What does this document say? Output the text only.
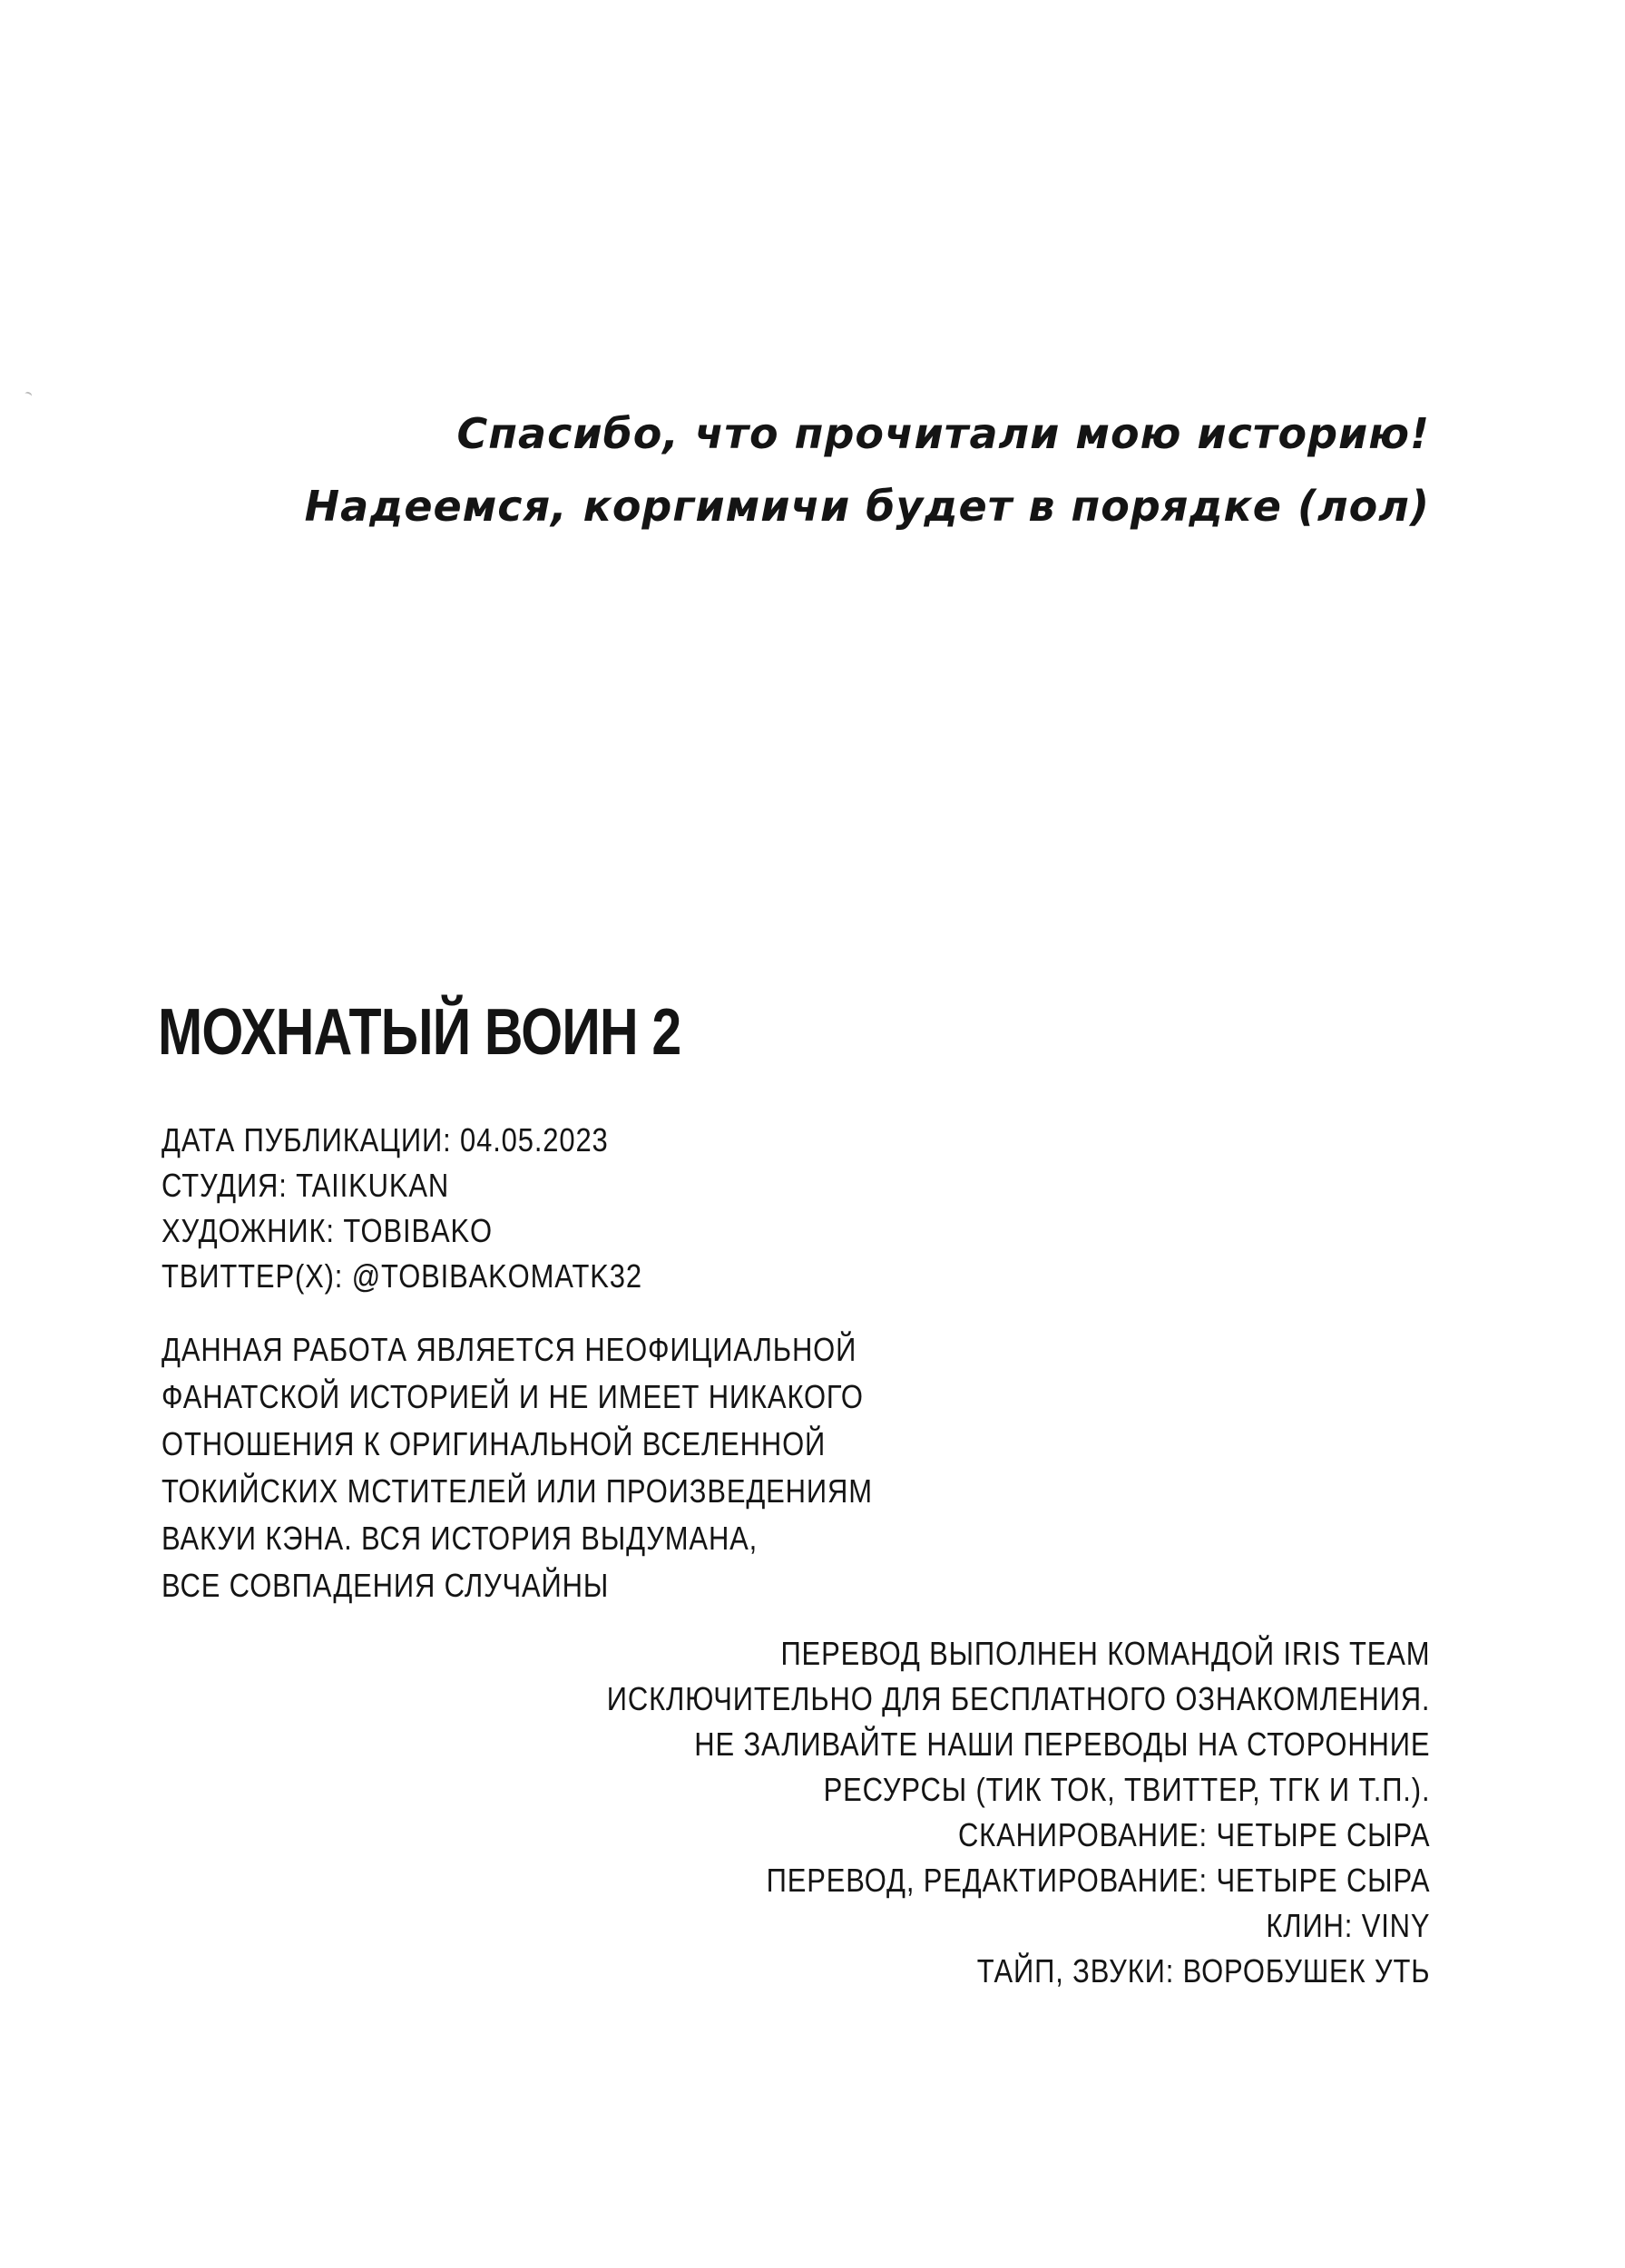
Спасибо, что прочитали мою историю!
Надеемся, коргимичи будет в порядке (лол)
МОХНАТЫЙ ВОИН 2
ДАТА ПУБЛИКАЦИИ: 04.05.2023
СТУДИЯ: TAIIKUKAN
ХУДОЖНИК: TOBIBAKO
ТВИТТЕР(X): @TOBIBAKOMATK32
ДАННАЯ РАБОТА ЯВЛЯЕТСЯ НЕОФИЦИАЛЬНОЙ
ФАНАТСКОЙ ИСТОРИЕЙ И НЕ ИМЕЕТ НИКАКОГО
ОТНОШЕНИЯ К ОРИГИНАЛЬНОЙ ВСЕЛЕННОЙ
ТОКИЙСКИХ МСТИТЕЛЕЙ ИЛИ ПРОИЗВЕДЕНИЯМ
ВАКУИ КЭНА. ВСЯ ИСТОРИЯ ВЫДУМАНА,
ВСЕ СОВПАДЕНИЯ СЛУЧАЙНЫ
ПЕРЕВОД ВЫПОЛНЕН КОМАНДОЙ IRIS TEAM
ИСКЛЮЧИТЕЛЬНО ДЛЯ БЕСПЛАТНОГО ОЗНАКОМЛЕНИЯ.
НЕ ЗАЛИВАЙТЕ НАШИ ПЕРЕВОДЫ НА СТОРОННИЕ
РЕСУРСЫ (ТИК ТОК, ТВИТТЕР, ТГК И Т.П.).
СКАНИРОВАНИЕ: ЧЕТЫРЕ СЫРА
ПЕРЕВОД, РЕДАКТИРОВАНИЕ: ЧЕТЫРЕ СЫРА
КЛИН: VINY
ТАЙП, ЗВУКИ: ВОРОБУШЕК УТЬ
